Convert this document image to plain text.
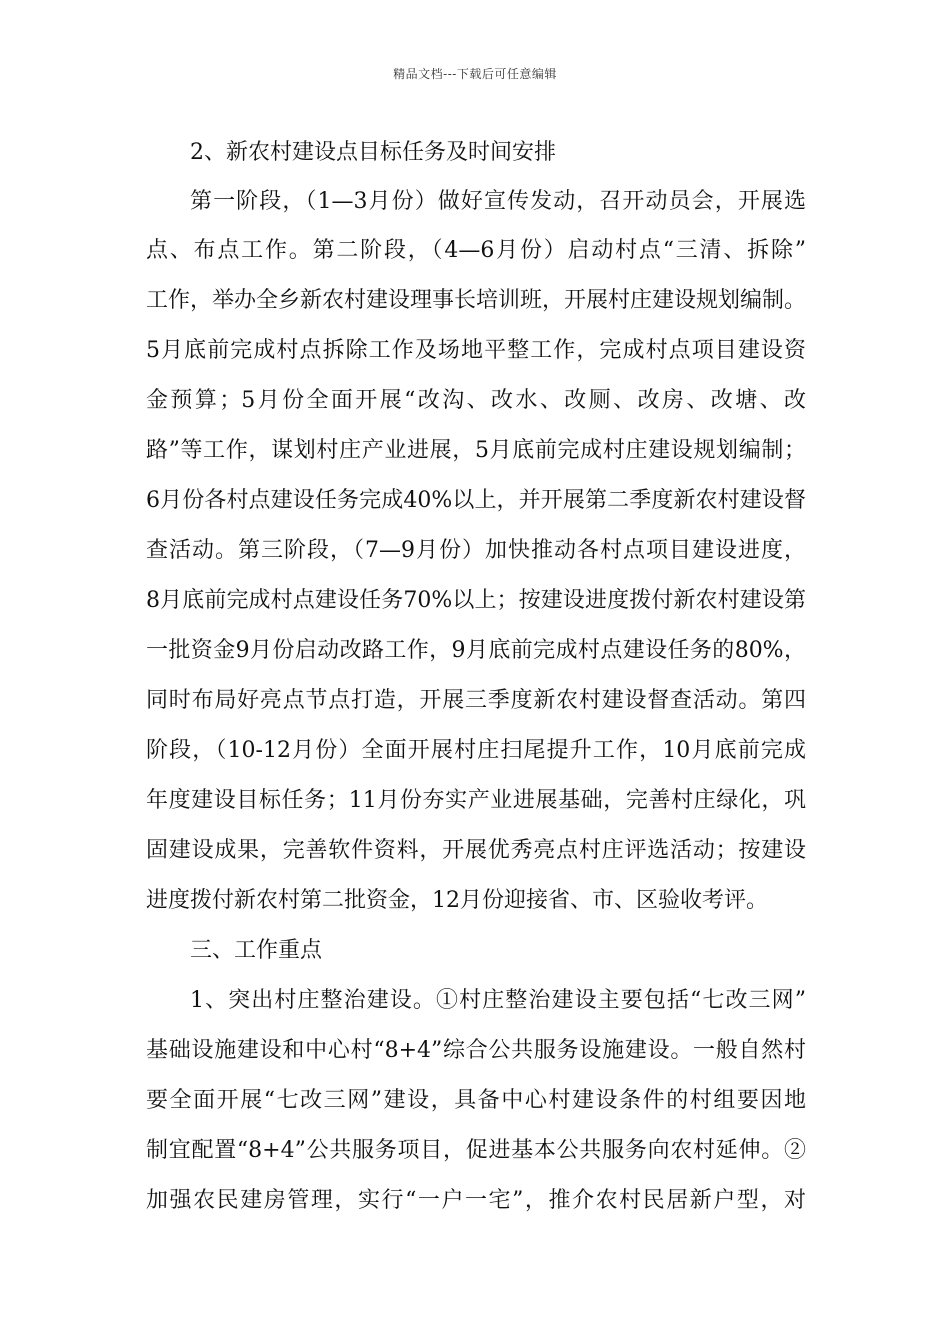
精品文档---下载后可任意编辑
2、新农村建设点目标任务及时间安排
第一阶段，（1—3月份）做好宣传发动，召开动员会，开展选
点、布点工作。第二阶段，（4—6月份）启动村点“三清、拆除”
工作，举办全乡新农村建设理事长培训班，开展村庄建设规划编制。
5月底前完成村点拆除工作及场地平整工作，完成村点项目建设资
金预算；5月份全面开展“改沟、改水、改厕、改房、改塘、改
路”等工作，谋划村庄产业进展，5月底前完成村庄建设规划编制；
6月份各村点建设任务完成40%以上，并开展第二季度新农村建设督
查活动。第三阶段，（7—9月份）加快推动各村点项目建设进度，
8月底前完成村点建设任务70%以上；按建设进度拨付新农村建设第
一批资金9月份启动改路工作，9月底前完成村点建设任务的80%，
同时布局好亮点节点打造，开展三季度新农村建设督查活动。第四
阶段，（10-12月份）全面开展村庄扫尾提升工作，10月底前完成
年度建设目标任务；11月份夯实产业进展基础，完善村庄绿化，巩
固建设成果，完善软件资料，开展优秀亮点村庄评选活动；按建设
进度拨付新农村第二批资金，12月份迎接省、市、区验收考评。
三、工作重点
1、突出村庄整治建设。①村庄整治建设主要包括“七改三网”
基础设施建设和中心村“8+4”综合公共服务设施建设。一般自然村
要全面开展“七改三网”建设，具备中心村建设条件的村组要因地
制宜配置“8+4”公共服务项目，促进基本公共服务向农村延伸。②
加强农民建房管理，实行“一户一宅”，推介农村民居新户型，对
